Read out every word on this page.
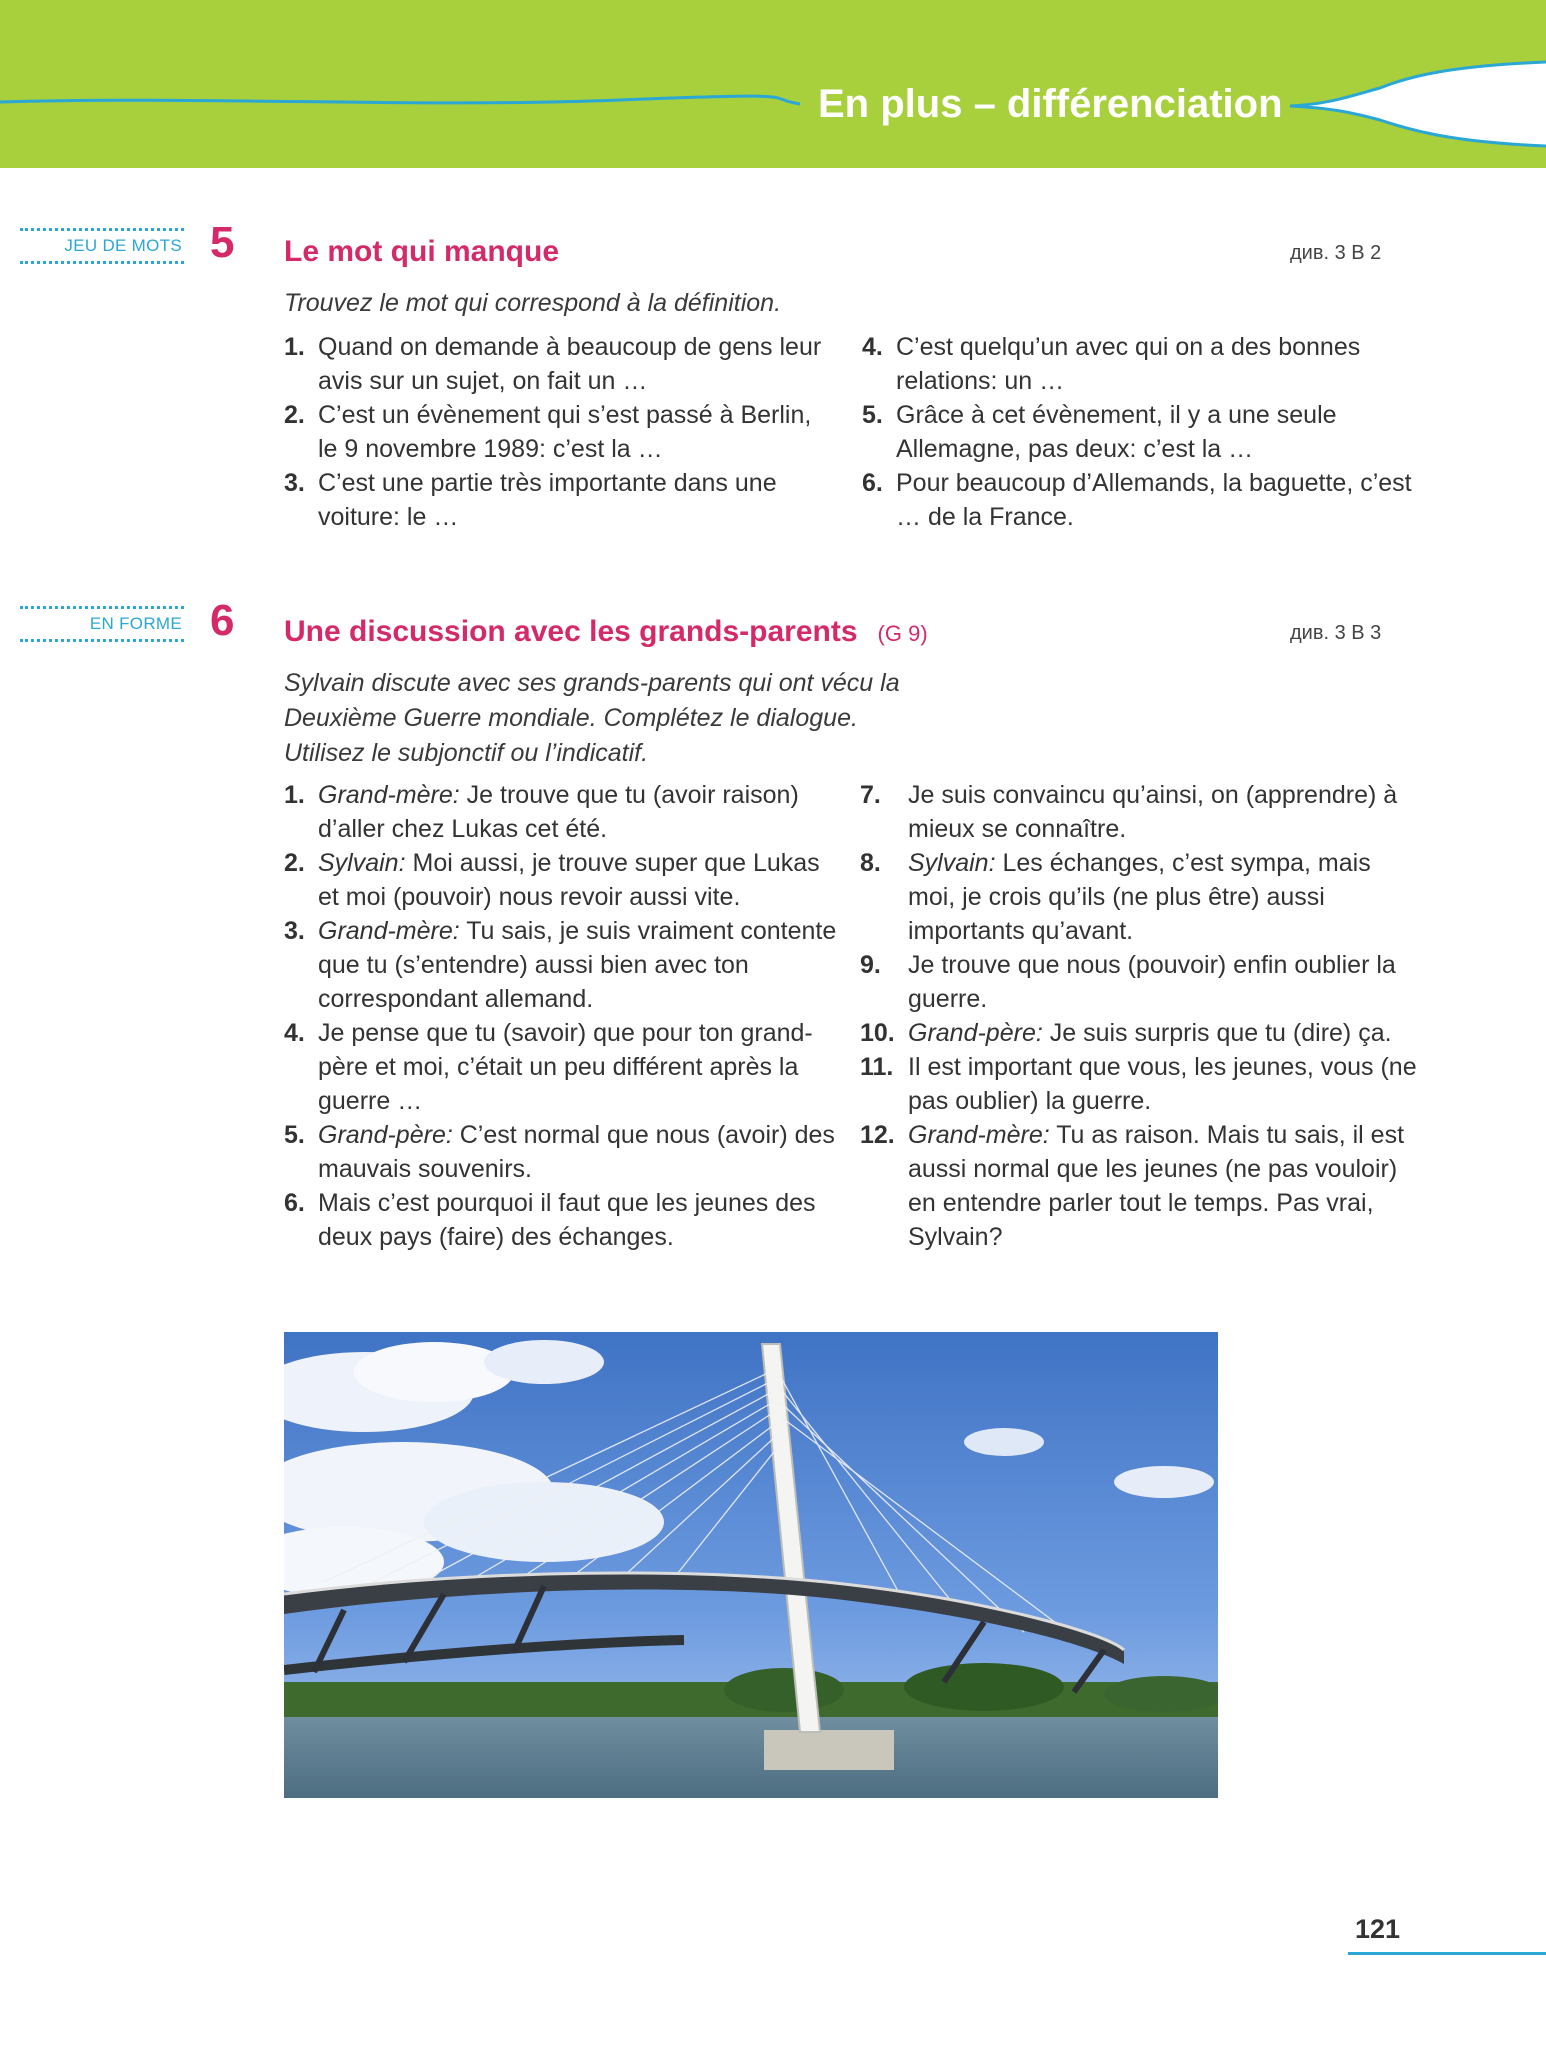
En plus – différenciation
JEU DE MOTS 5 Le mot qui manque	див. 3 B 2
Trouvez le mot qui correspond à la définition.
1. Quand on demande à beaucoup de gens leur avis sur un sujet, on fait un …
2. C’est un évènement qui s’est passé à Berlin, le 9 novembre 1989: c’est la …
3. C’est une partie très importante dans une voiture: le …
4. C’est quelqu’un avec qui on a des bonnes relations: un …
5. Grâce à cet évènement, il y a une seule Allemagne, pas deux: c’est la …
6. Pour beaucoup d’Allemands, la baguette, c’est … de la France.
EN FORME 6 Une discussion avec les grands-parents (G 9)	див. 3 B 3
Sylvain discute avec ses grands-parents qui ont vécu la Deuxième Guerre mondiale. Complétez le dialogue. Utilisez le subjonctif ou l’indicatif.
1. Grand-mère: Je trouve que tu (avoir raison) d’aller chez Lukas cet été.
2. Sylvain: Moi aussi, je trouve super que Lukas et moi (pouvoir) nous revoir aussi vite.
3. Grand-mère: Tu sais, je suis vraiment contente que tu (s’entendre) aussi bien avec ton correspondant allemand.
4. Je pense que tu (savoir) que pour ton grand-père et moi, c’était un peu différent après la guerre …
5. Grand-père: C’est normal que nous (avoir) des mauvais souvenirs.
6. Mais c’est pourquoi il faut que les jeunes des deux pays (faire) des échanges.
7. Je suis convaincu qu’ainsi, on (apprendre) à mieux se connaître.
8. Sylvain: Les échanges, c’est sympa, mais moi, je crois qu’ils (ne plus être) aussi importants qu’avant.
9. Je trouve que nous (pouvoir) enfin oublier la guerre.
10. Grand-père: Je suis surpris que tu (dire) ça.
11. Il est important que vous, les jeunes, vous (ne pas oublier) la guerre.
12. Grand-mère: Tu as raison. Mais tu sais, il est aussi normal que les jeunes (ne pas vouloir) en entendre parler tout le temps. Pas vrai, Sylvain?
121
